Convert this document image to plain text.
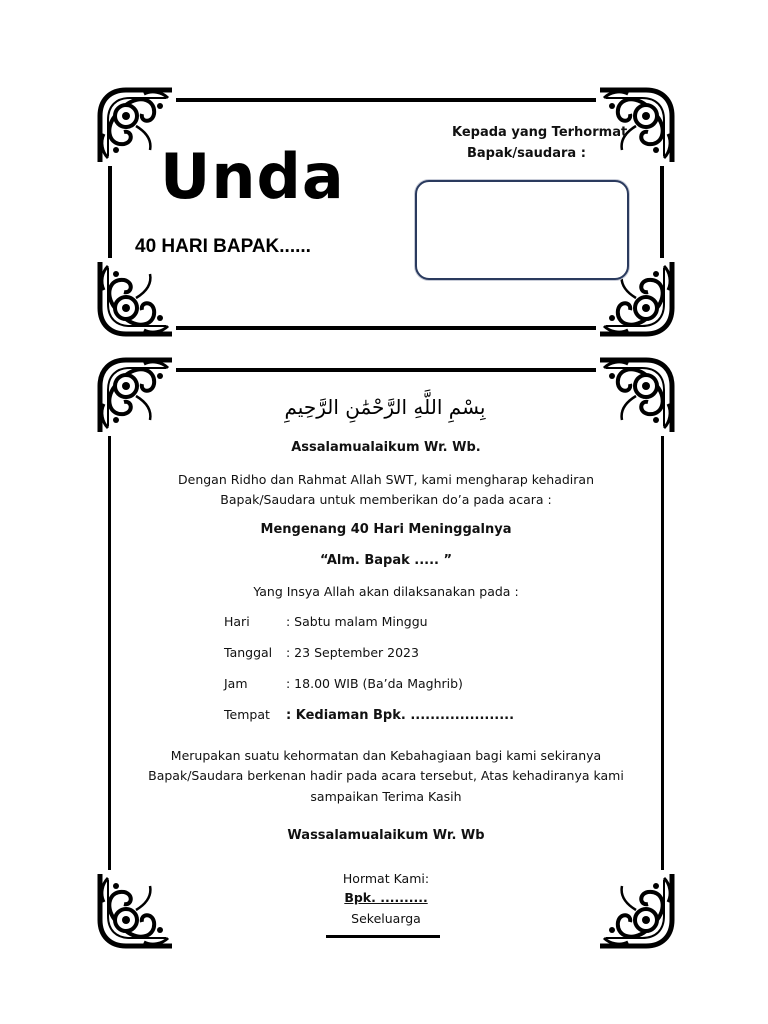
Unda
40 HARI BAPAK......
Kepada yang Terhormat
Bapak/saudara :
بِسْمِ اللَّهِ الرَّحْمَٰنِ الرَّحِيمِ
Assalamualaikum Wr. Wb.
Dengan Ridho dan Rahmat Allah SWT, kami mengharap kehadiran
Bapak/Saudara untuk memberikan do’a pada acara :
Mengenang 40 Hari Meninggalnya
“Alm. Bapak ..... ”
Yang Insya Allah akan dilaksanakan pada :
Hari	: Sabtu malam Minggu
Tanggal : 23 September 2023
Jam	: 18.00 WIB (Ba’da Maghrib)
Tempat : Kediaman Bpk. .....................
Merupakan suatu kehormatan dan Kebahagiaan bagi kami sekiranya
Bapak/Saudara berkenan hadir pada acara tersebut, Atas kehadiranya kami
sampaikan Terima Kasih
Wassalamualaikum Wr. Wb
Hormat Kami:
Bpk. ..........
Sekeluarga
